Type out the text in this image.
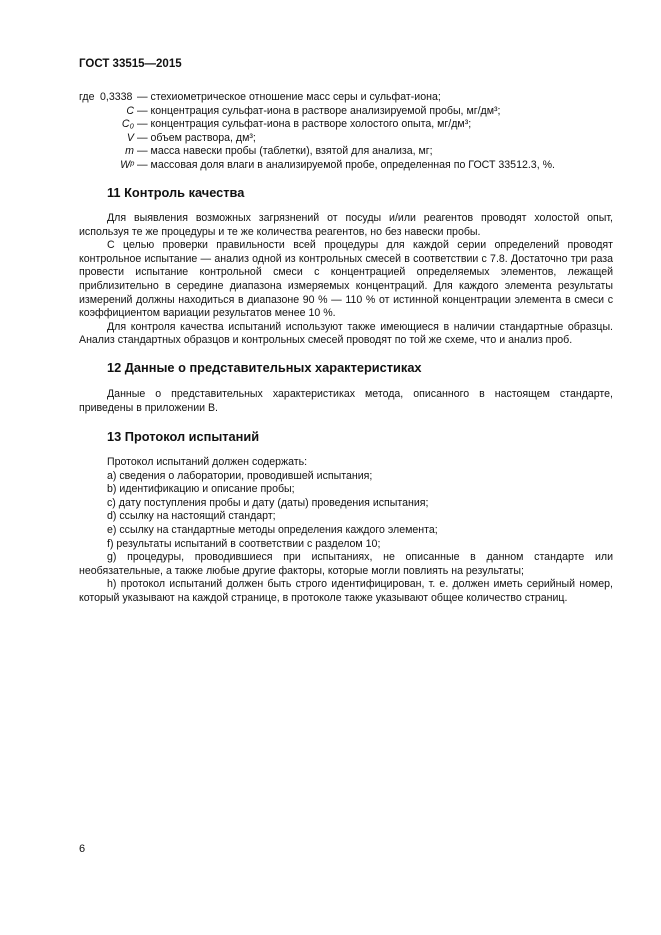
ГОСТ 33515—2015
где 0,3338 — стехиометрическое отношение масс серы и сульфат-иона;
C — концентрация сульфат-иона в растворе анализируемой пробы, мг/дм³;
C₀ — концентрация сульфат-иона в растворе холостого опыта, мг/дм³;
V — объем раствора, дм³;
m — масса навески пробы (таблетки), взятой для анализа, мг;
Wᵖ — массовая доля влаги в анализируемой пробе, определенная по ГОСТ 33512.3, %.
11 Контроль качества

Для выявления возможных загрязнений от посуды и/или реагентов проводят холостой опыт, используя те же процедуры и те же количества реагентов, но без навески пробы.

С целью проверки правильности всей процедуры для каждой серии определений проводят контрольное испытание — анализ одной из контрольных смесей в соответствии с 7.8. Достаточно три раза провести испытание контрольной смеси с концентрацией определяемых элементов, лежащей приблизительно в середине диапазона измеряемых концентраций. Для каждого элемента результаты измерений должны находиться в диапазоне 90 % — 110 % от истинной концентрации элемента в смеси с коэффициентом вариации результатов менее 10 %.

Для контроля качества испытаний используют также имеющиеся в наличии стандартные образцы. Анализ стандартных образцов и контрольных смесей проводят по той же схеме, что и анализ проб.

12 Данные о представительных характеристиках

Данные о представительных характеристиках метода, описанного в настоящем стандарте, приведены в приложении В.

13 Протокол испытаний

Протокол испытаний должен содержать:

а) сведения о лаборатории, проводившей испытания;

b) идентификацию и описание пробы;

с) дату поступления пробы и дату (даты) проведения испытания;

d) ссылку на настоящий стандарт;

е) ссылку на стандартные методы определения каждого элемента;

f) результаты испытаний в соответствии с разделом 10;

g) процедуры, проводившиеся при испытаниях, не описанные в данном стандарте или необязательные, а также любые другие факторы, которые могли повлиять на результаты;

h) протокол испытаний должен быть строго идентифицирован, т. е. должен иметь серийный номер, который указывают на каждой странице, в протоколе также указывают общее количество страниц.

6
